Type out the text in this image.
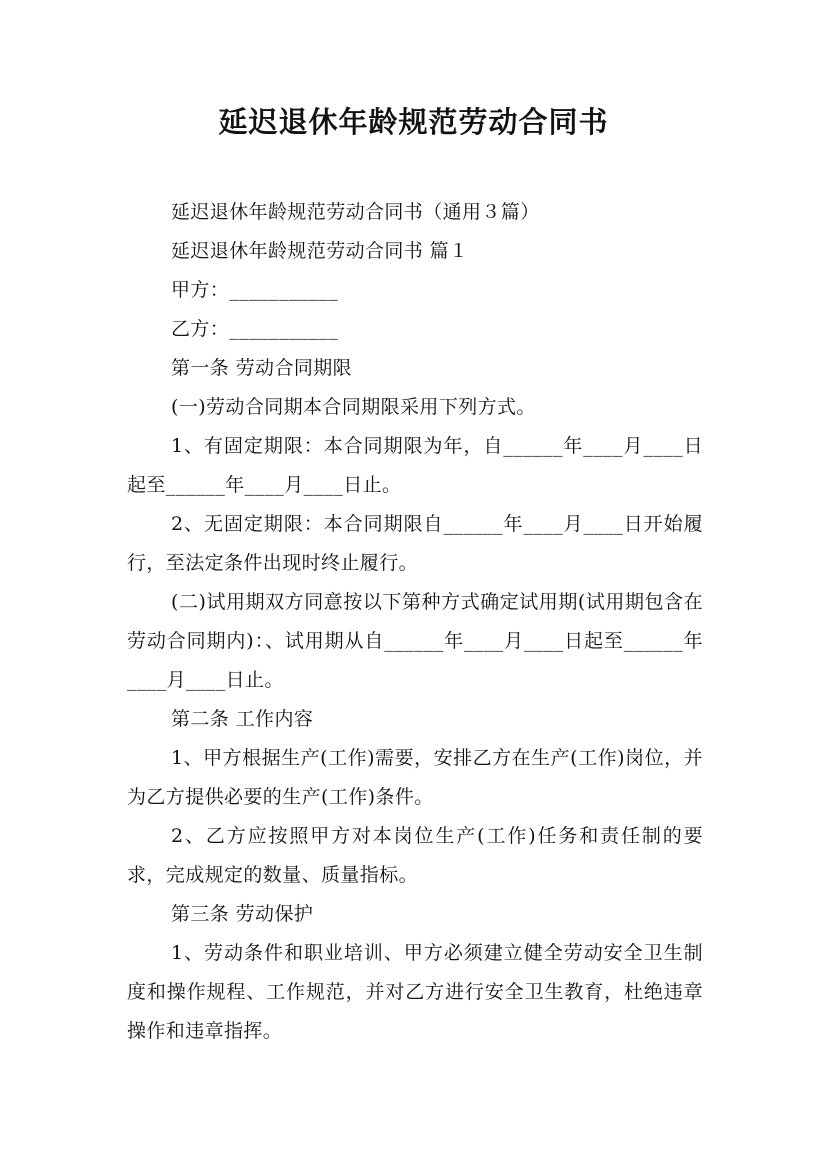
延迟退休年龄规范劳动合同书

延迟退休年龄规范劳动合同书（通用３篇）

延迟退休年龄规范劳动合同书 篇１

甲方：___________

乙方：___________

第一条 劳动合同期限

(一)劳动合同期本合同期限采用下列方式。

1、有固定期限：本合同期限为年，自______年____月____日起至______年____月____日止。

2、无固定期限：本合同期限自______年____月____日开始履行，至法定条件出现时终止履行。

(二)试用期双方同意按以下第种方式确定试用期(试用期包含在劳动合同期内)：、试用期从自______年____月____日起至______年____月____日止。

第二条 工作内容

1、甲方根据生产(工作)需要，安排乙方在生产(工作)岗位，并为乙方提供必要的生产(工作)条件。

2、乙方应按照甲方对本岗位生产(工作)任务和责任制的要求，完成规定的数量、质量指标。

第三条 劳动保护

1、劳动条件和职业培训、甲方必须建立健全劳动安全卫生制度和操作规程、工作规范，并对乙方进行安全卫生教育，杜绝违章操作和违章指挥。
